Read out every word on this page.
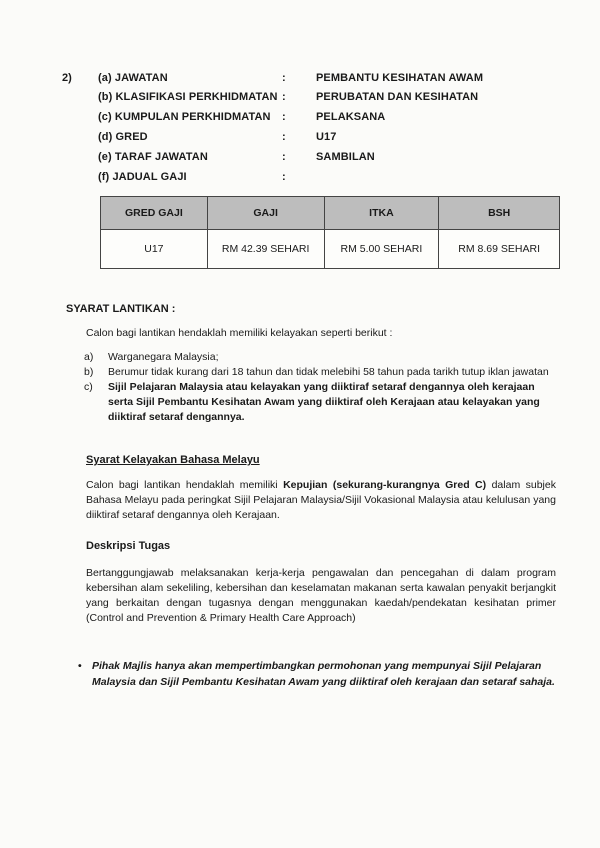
2) (a) JAWATAN	:	PEMBANTU KESIHATAN AWAM
(b) KLASIFIKASI PERKHIDMATAN :	PERUBATAN DAN KESIHATAN
(c) KUMPULAN PERKHIDMATAN :	PELAKSANA
(d) GRED	:	U17
(e) TARAF JAWATAN	:	SAMBILAN
(f) JADUAL GAJI	:
GRED GAJI	GAJI	ITKA	BSH
U17	RM 42.39 SEHARI	RM 5.00 SEHARI	RM 8.69 SEHARI
SYARAT LANTIKAN :
Calon bagi lantikan hendaklah memiliki kelayakan seperti berikut :
a) Warganegara Malaysia;
b) Berumur tidak kurang dari 18 tahun dan tidak melebihi 58 tahun pada tarikh tutup iklan jawatan
c) Sijil Pelajaran Malaysia atau kelayakan yang diiktiraf setaraf dengannya oleh kerajaan serta Sijil Pembantu Kesihatan Awam yang diiktiraf oleh Kerajaan atau kelayakan yang diiktiraf setaraf dengannya.
Syarat Kelayakan Bahasa Melayu
Calon bagi lantikan hendaklah memiliki Kepujian (sekurang-kurangnya Gred C) dalam subjek Bahasa Melayu pada peringkat Sijil Pelajaran Malaysia/Sijil Vokasional Malaysia atau kelulusan yang diiktiraf setaraf dengannya oleh Kerajaan.
Deskripsi Tugas
Bertanggungjawab melaksanakan kerja-kerja pengawalan dan pencegahan di dalam program kebersihan alam sekeliling, kebersihan dan keselamatan makanan serta kawalan penyakit berjangkit yang berkaitan dengan tugasnya dengan menggunakan kaedah/pendekatan kesihatan primer (Control and Prevention & Primary Health Care Approach)
• Pihak Majlis hanya akan mempertimbangkan permohonan yang mempunyai Sijil Pelajaran Malaysia dan Sijil Pembantu Kesihatan Awam yang diiktiraf oleh kerajaan dan setaraf sahaja.
